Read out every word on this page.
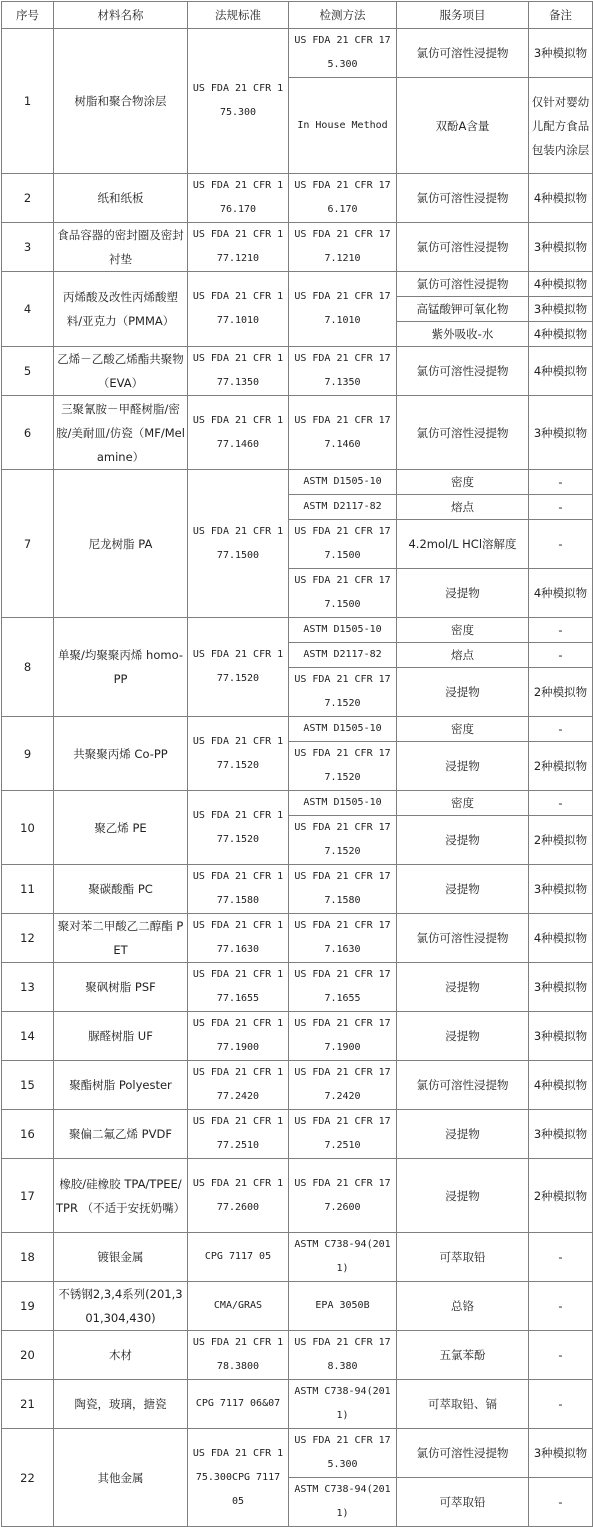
序号	材料名称	法规标准	检测方法	服务项目	备注
1	树脂和聚合物涂层	US FDA 21 CFR 175.300	US FDA 21 CFR 175.300	氯仿可溶性浸提物	3种模拟物
			In House Method	双酚A含量	仅针对婴幼儿配方食品包装内涂层
2	纸和纸板	US FDA 21 CFR 176.170	US FDA 21 CFR 176.170	氯仿可溶性浸提物	4种模拟物
3	食品容器的密封圈及密封衬垫	US FDA 21 CFR 177.1210	US FDA 21 CFR 177.1210	氯仿可溶性浸提物	3种模拟物
4	丙烯酸及改性丙烯酸塑料/亚克力（PMMA）	US FDA 21 CFR 177.1010	US FDA 21 CFR 177.1010	氯仿可溶性浸提物	4种模拟物
				高锰酸钾可氧化物	3种模拟物
				紫外吸收-水	4种模拟物
5	乙烯－乙酸乙烯酯共聚物（EVA）	US FDA 21 CFR 177.1350	US FDA 21 CFR 177.1350	氯仿可溶性浸提物	4种模拟物
6	三聚氰胺－甲醛树脂/密胺/美耐皿/仿瓷（MF/Melamine）	US FDA 21 CFR 177.1460	US FDA 21 CFR 177.1460	氯仿可溶性浸提物	3种模拟物
7	尼龙树脂 PA	US FDA 21 CFR 177.1500	ASTM D1505-10	密度	-
			ASTM D2117-82	熔点	-
			US FDA 21 CFR 177.1500	4.2mol/L HCl溶解度	-
			US FDA 21 CFR 177.1500	浸提物	4种模拟物
8	单聚/均聚聚丙烯 homo-PP	US FDA 21 CFR 177.1520	ASTM D1505-10	密度	-
			ASTM D2117-82	熔点	-
			US FDA 21 CFR 177.1520	浸提物	2种模拟物
9	共聚聚丙烯 Co-PP	US FDA 21 CFR 177.1520	ASTM D1505-10	密度	-
			US FDA 21 CFR 177.1520	浸提物	2种模拟物
10	聚乙烯 PE	US FDA 21 CFR 177.1520	ASTM D1505-10	密度	-
			US FDA 21 CFR 177.1520	浸提物	2种模拟物
11	聚碳酸酯 PC	US FDA 21 CFR 177.1580	US FDA 21 CFR 177.1580	浸提物	3种模拟物
12	聚对苯二甲酸乙二醇酯 PET	US FDA 21 CFR 177.1630	US FDA 21 CFR 177.1630	氯仿可溶性浸提物	4种模拟物
13	聚砜树脂 PSF	US FDA 21 CFR 177.1655	US FDA 21 CFR 177.1655	浸提物	3种模拟物
14	脲醛树脂 UF	US FDA 21 CFR 177.1900	US FDA 21 CFR 177.1900	浸提物	3种模拟物
15	聚酯树脂 Polyester	US FDA 21 CFR 177.2420	US FDA 21 CFR 177.2420	氯仿可溶性浸提物	4种模拟物
16	聚偏二氟乙烯 PVDF	US FDA 21 CFR 177.2510	US FDA 21 CFR 177.2510	浸提物	3种模拟物
17	橡胶/硅橡胶 TPA/TPEE/TPR （不适于安抚奶嘴）	US FDA 21 CFR 177.2600	US FDA 21 CFR 177.2600	浸提物	2种模拟物
18	镀银金属	CPG 7117 05	ASTM C738-94(2011)	可萃取铅	-
19	不锈钢2,3,4系列(201,301,304,430)	CMA/GRAS	EPA 3050B	总铬	-
20	木材	US FDA 21 CFR 178.3800	US FDA 21 CFR 178.380	五氯苯酚	-
21	陶瓷，玻璃，搪瓷	CPG 7117 06&07	ASTM C738-94(2011)	可萃取铅、镉	-
22	其他金属	US FDA 21 CFR 175.300CPG 7117 05	US FDA 21 CFR 175.300	氯仿可溶性浸提物	3种模拟物
			ASTM C738-94(2011)	可萃取铅	-
